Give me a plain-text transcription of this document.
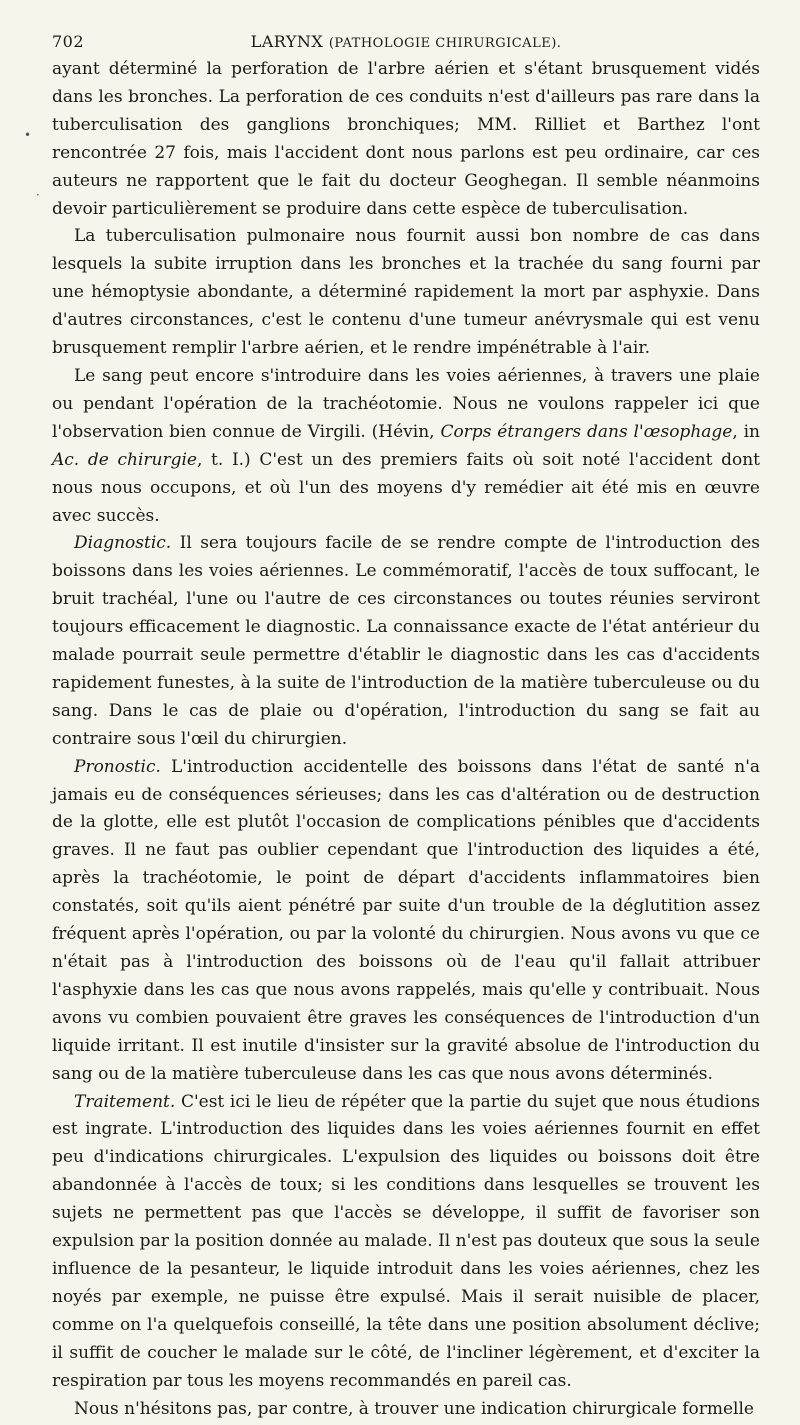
702	LARYNX (PATHOLOGIE CHIRURGICALE).

ayant déterminé la perforation de l'arbre aérien et s'étant brusquement vidés dans les bronches. La perforation de ces conduits n'est d'ailleurs pas rare dans la tuberculisation des ganglions bronchiques; MM. Rilliet et Barthez l'ont rencontrée 27 fois, mais l'accident dont nous parlons est peu ordinaire, car ces auteurs ne rapportent que le fait du docteur Geoghegan. Il semble néanmoins devoir particulièrement se produire dans cette espèce de tuberculisation.

La tuberculisation pulmonaire nous fournit aussi bon nombre de cas dans lesquels la subite irruption dans les bronches et la trachée du sang fourni par une hémoptysie abondante, a déterminé rapidement la mort par asphyxie. Dans d'autres circonstances, c'est le contenu d'une tumeur anévrysmale qui est venu brusquement remplir l'arbre aérien, et le rendre impénétrable à l'air.

Le sang peut encore s'introduire dans les voies aériennes, à travers une plaie ou pendant l'opération de la trachéotomie. Nous ne voulons rappeler ici que l'observation bien connue de Virgili. (Hévin, Corps étrangers dans l'œsophage, in Ac. de chirurgie, t. I.) C'est un des premiers faits où soit noté l'accident dont nous nous occupons, et où l'un des moyens d'y remédier ait été mis en œuvre avec succès.

Diagnostic. Il sera toujours facile de se rendre compte de l'introduction des boissons dans les voies aériennes. Le commémoratif, l'accès de toux suffocant, le bruit trachéal, l'une ou l'autre de ces circonstances ou toutes réunies serviront toujours efficacement le diagnostic. La connaissance exacte de l'état antérieur du malade pourrait seule permettre d'établir le diagnostic dans les cas d'accidents rapidement funestes, à la suite de l'introduction de la matière tuberculeuse ou du sang. Dans le cas de plaie ou d'opération, l'introduction du sang se fait au contraire sous l'œil du chirurgien.

Pronostic. L'introduction accidentelle des boissons dans l'état de santé n'a jamais eu de conséquences sérieuses; dans les cas d'altération ou de destruction de la glotte, elle est plutôt l'occasion de complications pénibles que d'accidents graves. Il ne faut pas oublier cependant que l'introduction des liquides a été, après la trachéotomie, le point de départ d'accidents inflammatoires bien constatés, soit qu'ils aient pénétré par suite d'un trouble de la déglutition assez fréquent après l'opération, ou par la volonté du chirurgien. Nous avons vu que ce n'était pas à l'introduction des boissons où de l'eau qu'il fallait attribuer l'asphyxie dans les cas que nous avons rappelés, mais qu'elle y contribuait. Nous avons vu combien pouvaient être graves les conséquences de l'introduction d'un liquide irritant. Il est inutile d'insister sur la gravité absolue de l'introduction du sang ou de la matière tuberculeuse dans les cas que nous avons déterminés.

Traitement. C'est ici le lieu de répéter que la partie du sujet que nous étudions est ingrate. L'introduction des liquides dans les voies aériennes fournit en effet peu d'indications chirurgicales. L'expulsion des liquides ou boissons doit être abandonnée à l'accès de toux; si les conditions dans lesquelles se trouvent les sujets ne permettent pas que l'accès se développe, il suffit de favoriser son expulsion par la position donnée au malade. Il n'est pas douteux que sous la seule influence de la pesanteur, le liquide introduit dans les voies aériennes, chez les noyés par exemple, ne puisse être expulsé. Mais il serait nuisible de placer, comme on l'a quelquefois conseillé, la tête dans une position absolument déclive; il suffit de coucher le malade sur le côté, de l'incliner légèrement, et d'exciter la respiration par tous les moyens recommandés en pareil cas.

Nous n'hésitons pas, par contre, à trouver une indication chirurgicale formelle

•
·
